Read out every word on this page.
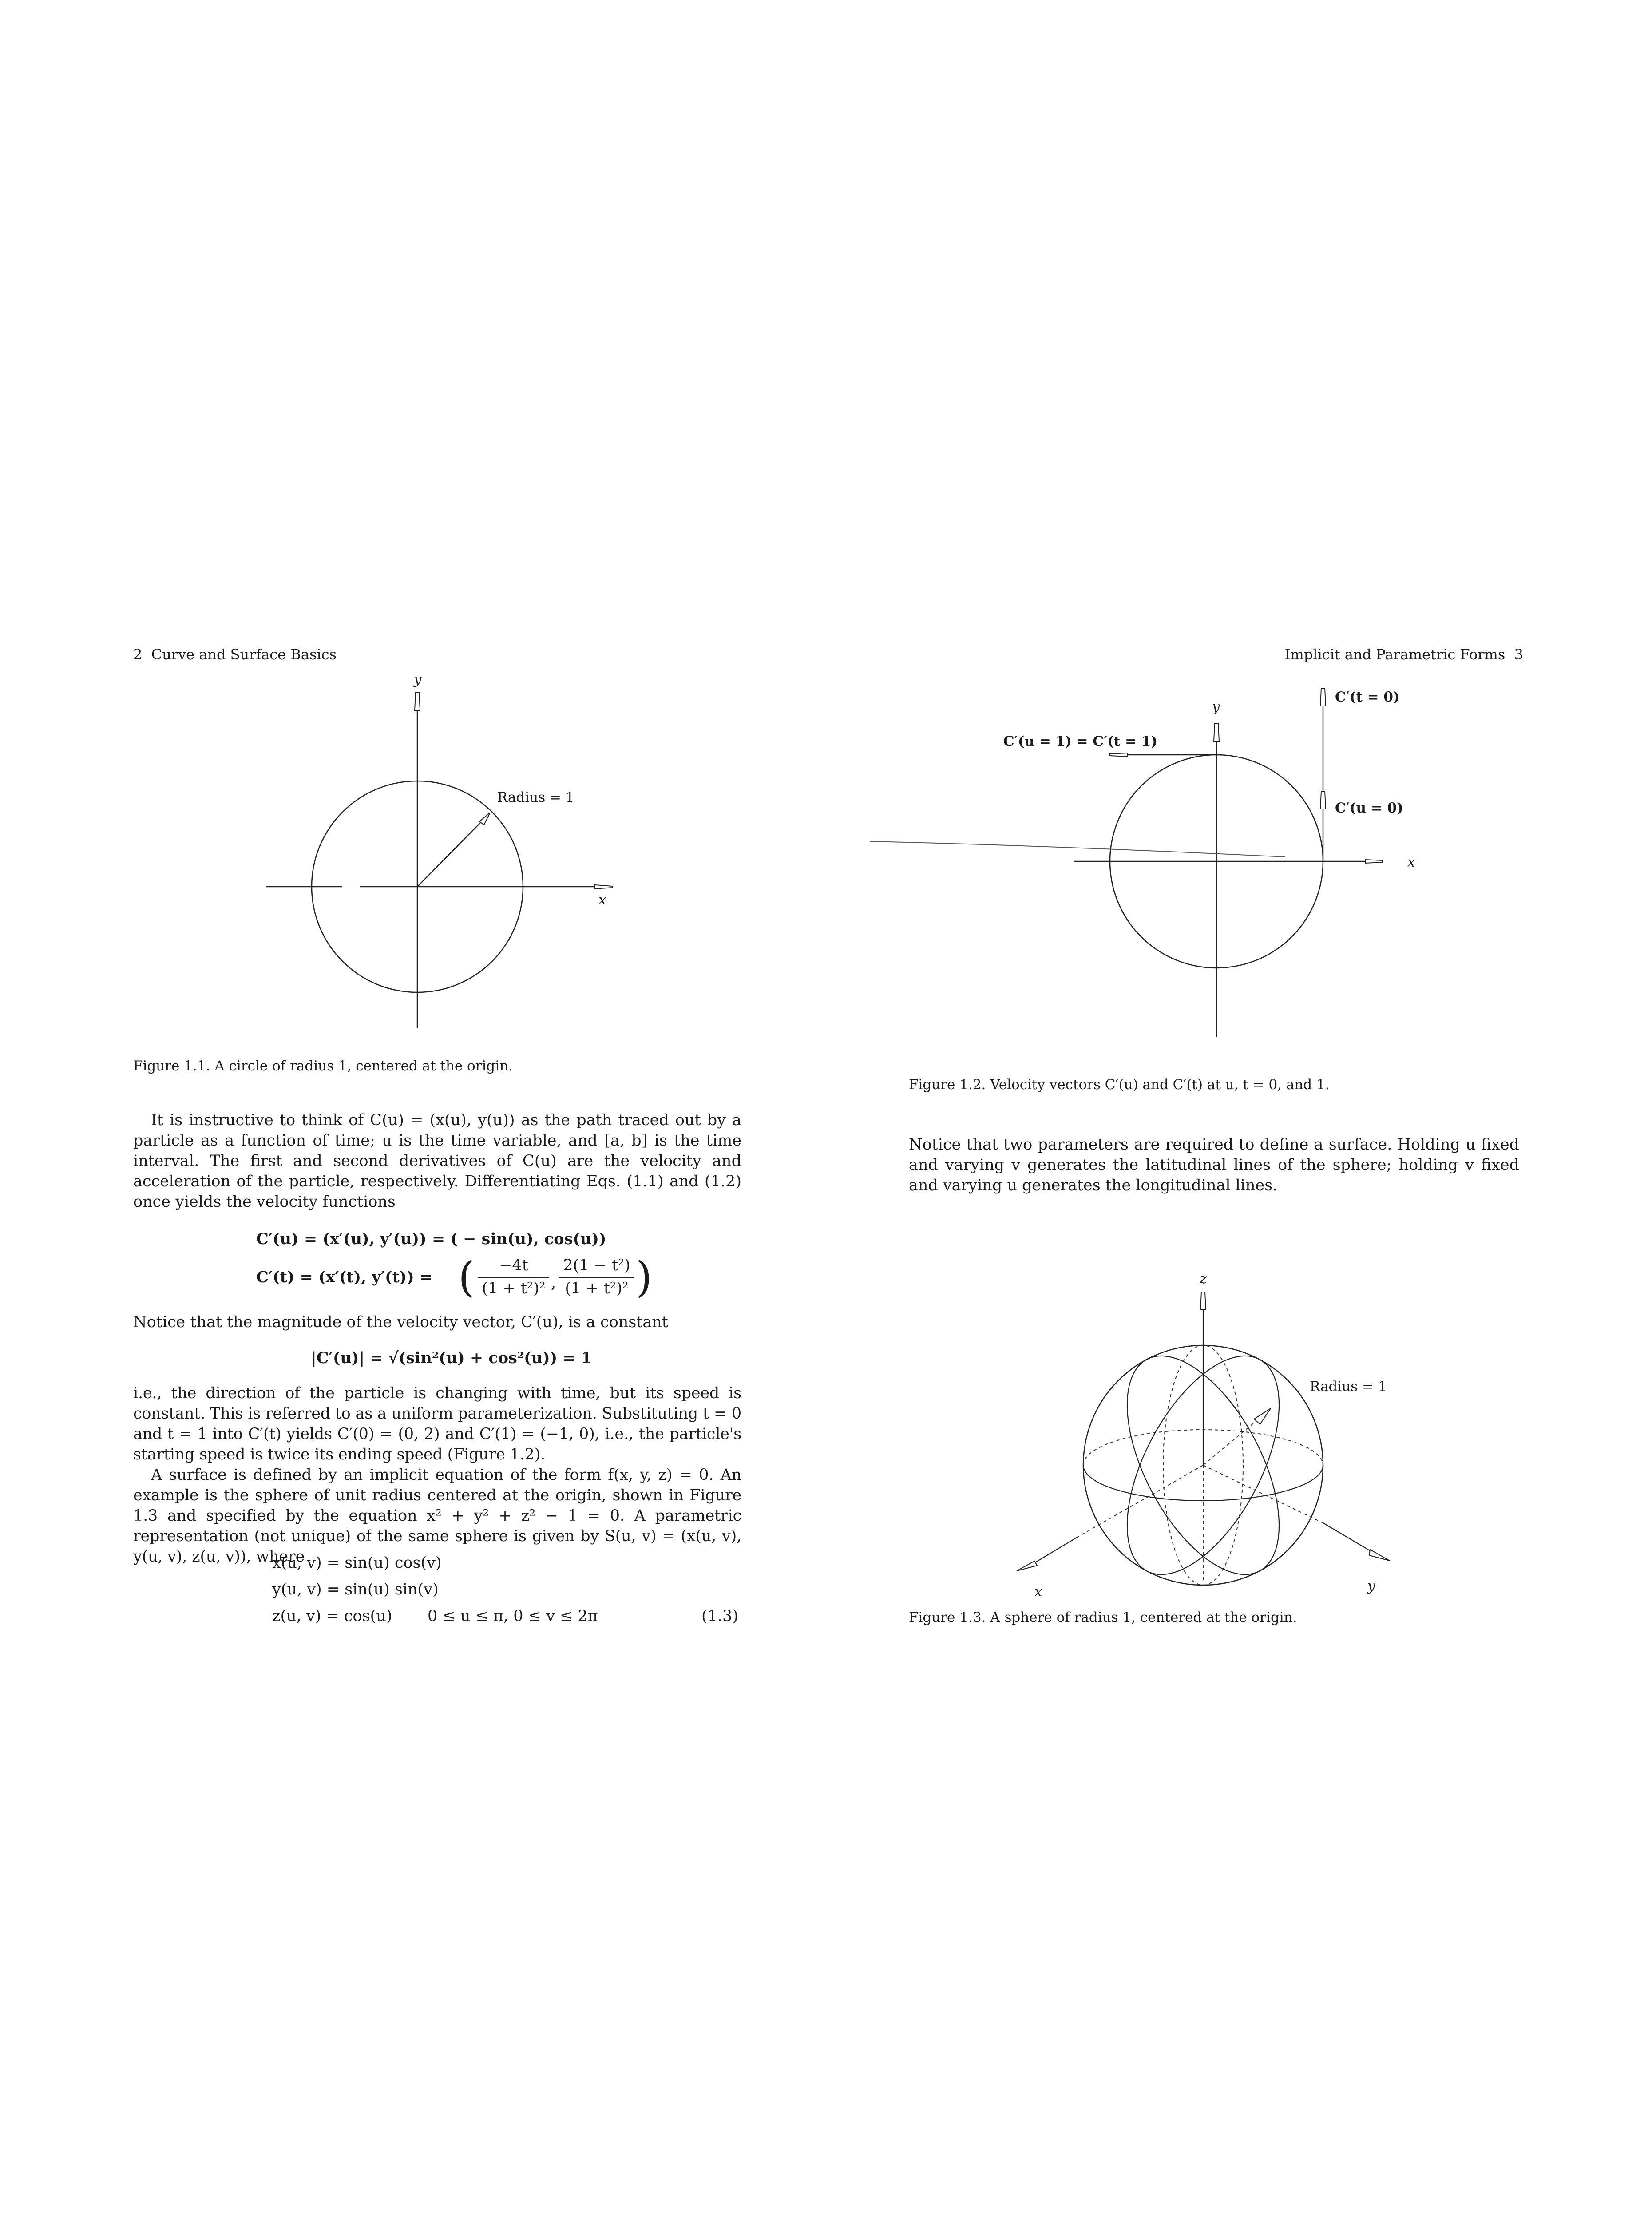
2 Curve and Surface Basics	Implicit and Parametric Forms 3
y
x
Radius = 1
Figure 1.1. A circle of radius 1, centered at the origin.

It is instructive to think of C(u) = (x(u), y(u)) as the path traced out by a particle as a function of time; u is the time variable, and [a, b] is the time interval. The first and second derivatives of C(u) are the velocity and acceleration of the particle, respectively. Differentiating Eqs. (1.1) and (1.2) once yields the velocity functions

C′(u) = (x′(u), y′(u)) = ( − sin(u), cos(u))
C′(t) = (x′(t), y′(t)) = (	−4t
(1 + t²)² ,
2(1 − t²)
(1 + t²)² )

Notice that the magnitude of the velocity vector, C′(u), is a constant

|C′(u)| = √(sin²(u) + cos²(u)) = 1

i.e., the direction of the particle is changing with time, but its speed is constant. This is referred to as a uniform parameterization. Substituting t = 0 and t = 1 into C′(t) yields C′(0) = (0, 2) and C′(1) = (−1, 0), i.e., the particle's starting speed is twice its ending speed (Figure 1.2).

A surface is defined by an implicit equation of the form f(x, y, z) = 0. An example is the sphere of unit radius centered at the origin, shown in Figure 1.3 and specified by the equation x² + y² + z² − 1 = 0. A parametric representation (not unique) of the same sphere is given by S(u, v) = (x(u, v), y(u, v), z(u, v)), where

x(u, v) = sin(u) cos(v)
y(u, v) = sin(u) sin(v)
z(u, v) = cos(u) 0 ≤ u ≤ π, 0 ≤ v ≤ 2π	(1.3)
y
x
C′(t = 0)
C′(u = 1) = C′(t = 1)
C′(u = 0)
Figure 1.2. Velocity vectors C′(u) and C′(t) at u, t = 0, and 1.

Notice that two parameters are required to define a surface. Holding u fixed and varying v generates the latitudinal lines of the sphere; holding v fixed and varying u generates the longitudinal lines.

z
x	y
Radius = 1
Figure 1.3. A sphere of radius 1, centered at the origin.
